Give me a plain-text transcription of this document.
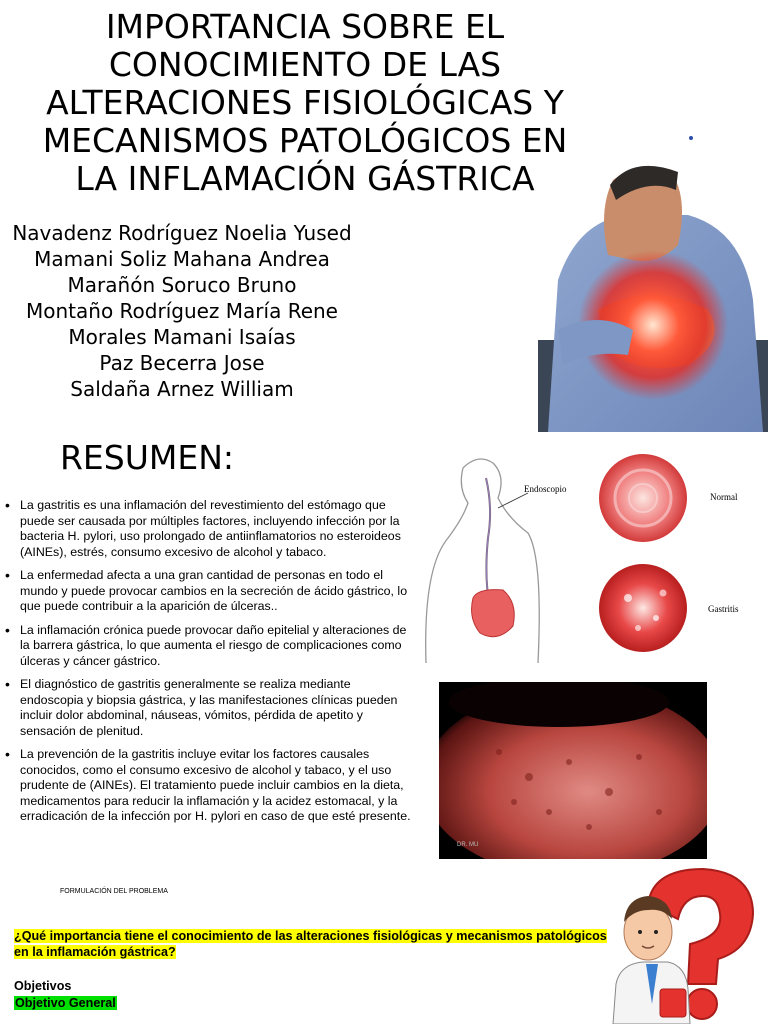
IMPORTANCIA SOBRE EL
CONOCIMIENTO DE LAS
ALTERACIONES FISIOLÓGICAS Y
MECANISMOS PATOLÓGICOS EN
LA INFLAMACIÓN GÁSTRICA
Navadenz Rodríguez Noelia Yused
Mamani Soliz Mahana Andrea
Marañón Soruco Bruno
Montaño Rodríguez María Rene
Morales Mamani Isaías
Paz Becerra Jose
Saldaña Arnez William
RESUMEN:
• La gastritis es una inflamación del revestimiento del estómago que puede ser causada por múltiples factores, incluyendo infección por la bacteria H. pylori, uso prolongado de antiinflamatorios no esteroideos (AINEs), estrés, consumo excesivo de alcohol y tabaco.
• La enfermedad afecta a una gran cantidad de personas en todo el mundo y puede provocar cambios en la secreción de ácido gástrico, lo que puede contribuir a la aparición de úlceras..
• La inflamación crónica puede provocar daño epitelial y alteraciones de la barrera gástrica, lo que aumenta el riesgo de complicaciones como úlceras y cáncer gástrico.
• El diagnóstico de gastritis generalmente se realiza mediante endoscopia y biopsia gástrica, y las manifestaciones clínicas pueden incluir dolor abdominal, náuseas, vómitos, pérdida de apetito y sensación de plenitud.
• La prevención de la gastritis incluye evitar los factores causales conocidos, como el consumo excesivo de alcohol y tabaco, y el uso prudente de (AINEs). El tratamiento puede incluir cambios en la dieta, medicamentos para reducir la inflamación y la acidez estomacal, y la erradicación de la infección por H. pylori en caso de que esté presente.
Endoscopio
Normal
Gastritis
DR. MU
FORMULACIÓN DEL PROBLEMA
¿Qué importancia tiene el conocimiento de las alteraciones fisiológicas y mecanismos patológicos en la inflamación gástrica?
Objetivos
Objetivo General
